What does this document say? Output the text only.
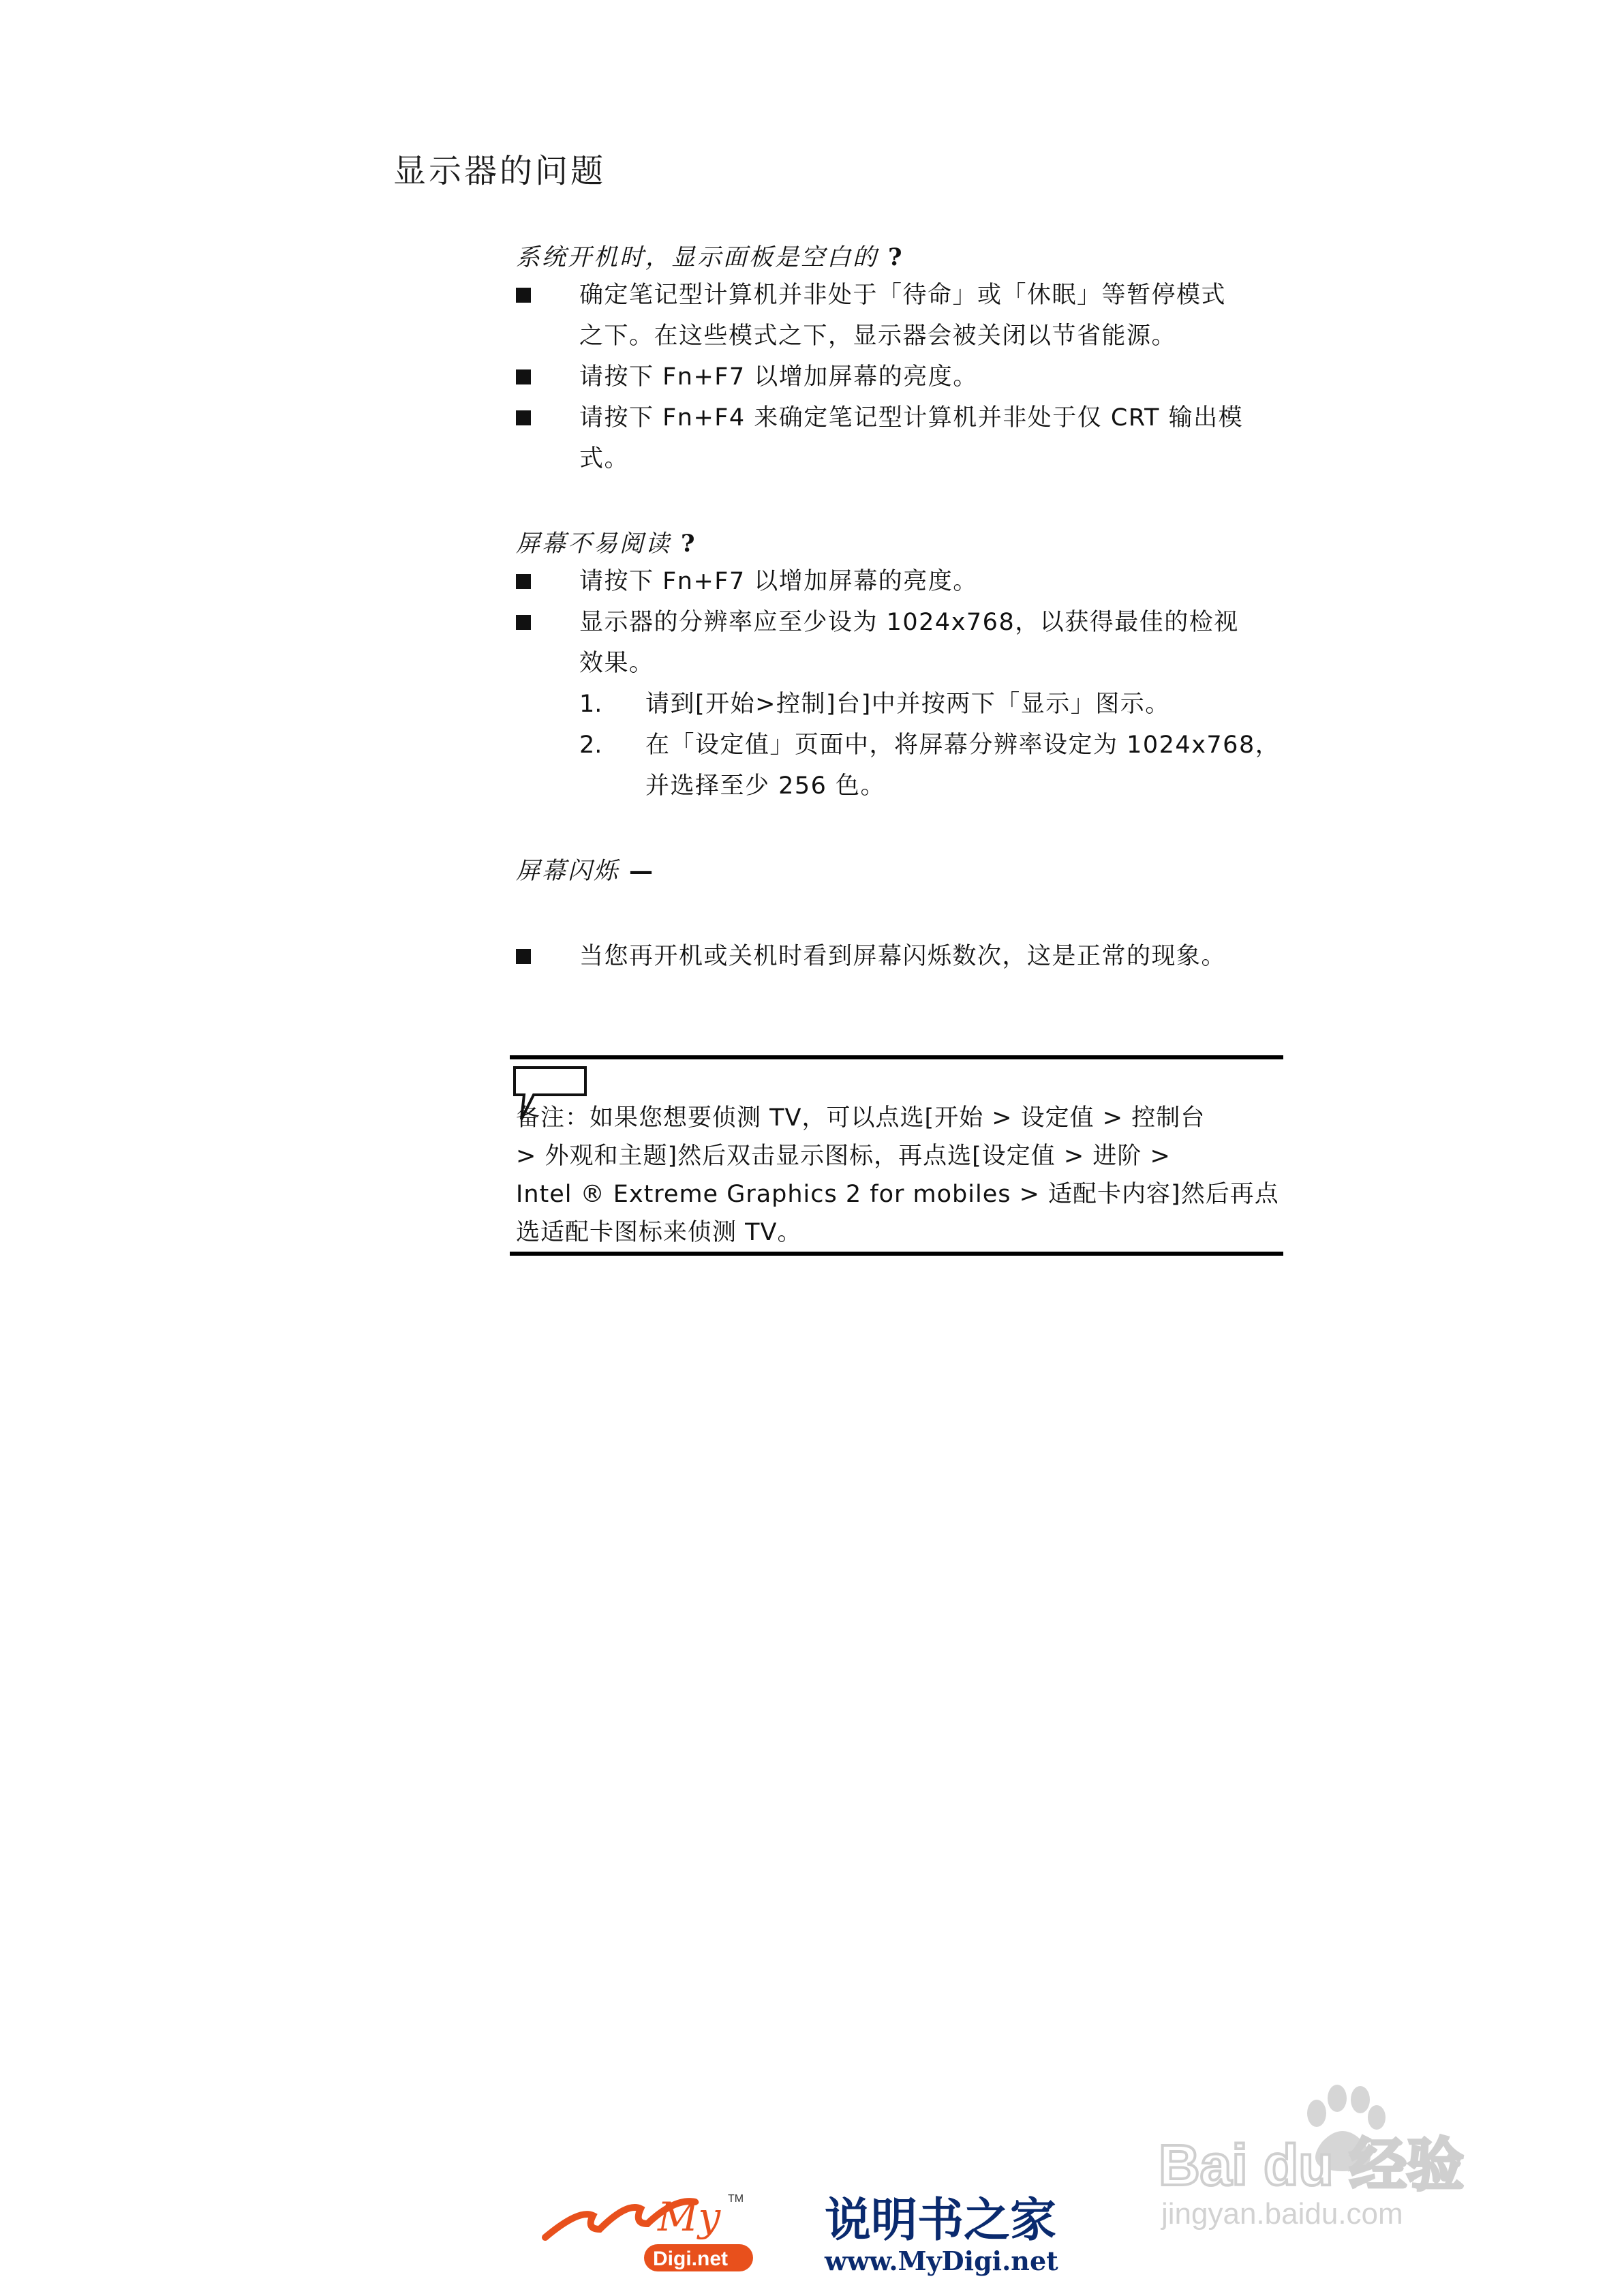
显示器的问题
系统开机时，显示面板是空白的 ?
确定笔记型计算机并非处于「待命」或「休眠」等暂停模式
之下。在这些模式之下，显示器会被关闭以节省能源。
请按下 Fn+F7 以增加屏幕的亮度。
请按下 Fn+F4 来确定笔记型计算机并非处于仅 CRT 输出模
式。
屏幕不易阅读 ?
请按下 Fn+F7 以增加屏幕的亮度。
显示器的分辨率应至少设为 1024x768，以获得最佳的检视
效果。
1. 请到[开始>控制]台]中并按两下「显示」图示。
2. 在「设定值」页面中，将屏幕分辨率设定为 1024x768，
并选择至少 256 色。
屏幕闪烁 —
当您再开机或关机时看到屏幕闪烁数次，这是正常的现象。
备注：如果您想要侦测 TV，可以点选[开始 > 设定值 > 控制台
> 外观和主题]然后双击显示图标，再点选[设定值 > 进阶 >
Intel ® Extreme Graphics 2 for mobiles > 适配卡内容]然后再点
选适配卡图标来侦测 TV。
Bai du 经验
jingyan.baidu.com
My TM
Digi.net
说明书之家
www.MyDigi.net
